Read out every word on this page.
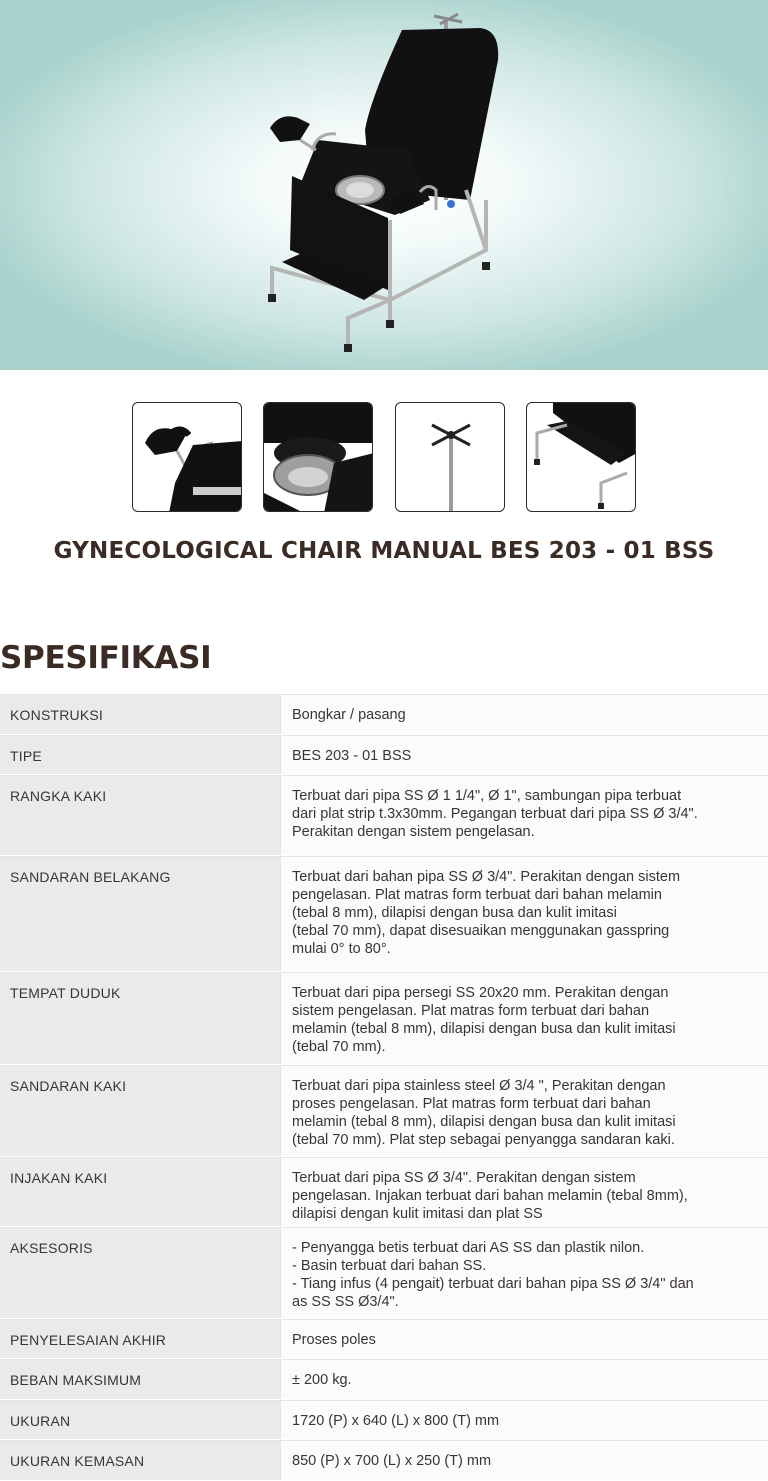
GYNECOLOGICAL CHAIR MANUAL BES 203 - 01 BSS
SPESIFIKASI
KONSTRUKSI	Bongkar / pasang
TIPE	BES 203 - 01 BSS
RANGKA KAKI	Terbuat dari pipa SS Ø 1 1/4", Ø 1", sambungan pipa terbuat
dari plat strip t.3x30mm. Pegangan terbuat dari pipa SS Ø 3/4".
Perakitan dengan sistem pengelasan.
SANDARAN BELAKANG	Terbuat dari bahan pipa SS Ø 3/4". Perakitan dengan sistem
pengelasan. Plat matras form terbuat dari bahan melamin
(tebal 8 mm), dilapisi dengan busa dan kulit imitasi
(tebal 70 mm), dapat disesuaikan menggunakan gasspring
mulai 0° to 80°.
TEMPAT DUDUK	Terbuat dari pipa persegi SS 20x20 mm. Perakitan dengan
sistem pengelasan. Plat matras form terbuat dari bahan
melamin (tebal 8 mm), dilapisi dengan busa dan kulit imitasi
(tebal 70 mm).
SANDARAN KAKI	Terbuat dari pipa stainless steel Ø 3/4 ", Perakitan dengan
proses pengelasan. Plat matras form terbuat dari bahan
melamin (tebal 8 mm), dilapisi dengan busa dan kulit imitasi
(tebal 70 mm). Plat step sebagai penyangga sandaran kaki.
INJAKAN KAKI	Terbuat dari pipa SS Ø 3/4". Perakitan dengan sistem
pengelasan. Injakan terbuat dari bahan melamin (tebal 8mm),
dilapisi dengan kulit imitasi dan plat SS
AKSESORIS	- Penyangga betis terbuat dari AS SS dan plastik nilon.
- Basin terbuat dari bahan SS.
- Tiang infus (4 pengait) terbuat dari bahan pipa SS Ø 3/4" dan
as SS SS Ø3/4".
PENYELESAIAN AKHIR	Proses poles
BEBAN MAKSIMUM	± 200 kg.
UKURAN	1720 (P) x 640 (L) x 800 (T) mm
UKURAN KEMASAN	850 (P) x 700 (L) x 250 (T) mm
